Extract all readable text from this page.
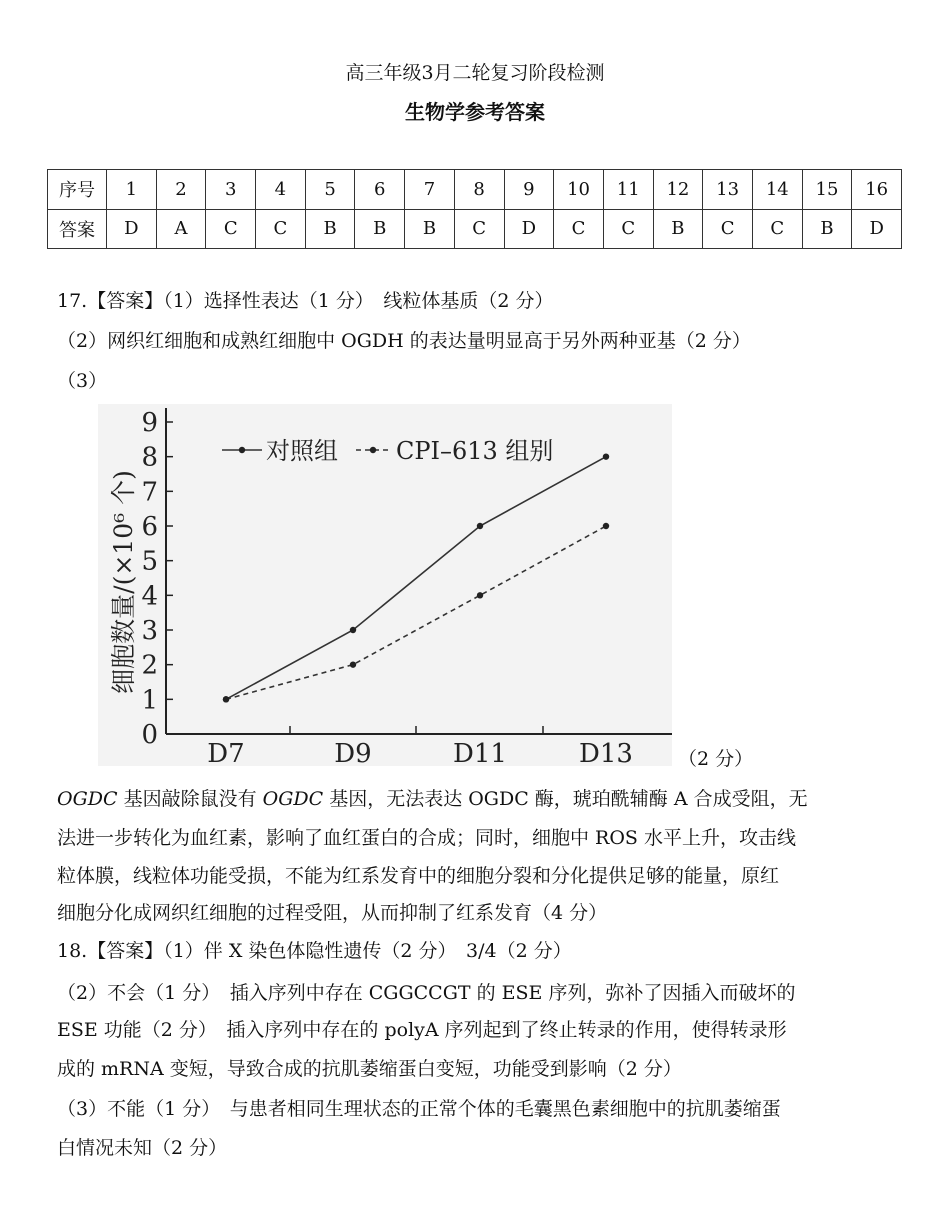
高三年级3月二轮复习阶段检测
生物学参考答案
序号	1	2	3	4	5	6	7	8	9	10	11	12	13	14	15	16
答案	D	A	C	C	B	B	B	C	D	C	C	B	C	C	B	D
17.【答案】（1）选择性表达（1 分）　线粒体基质（2 分）
（2）网织红细胞和成熟红细胞中 OGDH 的表达量明显高于另外两种亚基（2 分）
（3）
0
1
2
3
4
5
6
7
8
9
D7	D9	D11	D13
细胞数量/(×10⁶ 个)
对照组 CPI–613 组别
（2 分）
OGDC 基因敲除鼠没有 OGDC 基因，无法表达 OGDC 酶，琥珀酰辅酶 A 合成受阻，无
法进一步转化为血红素，影响了血红蛋白的合成；同时，细胞中 ROS 水平上升，攻击线
粒体膜，线粒体功能受损，不能为红系发育中的细胞分裂和分化提供足够的能量，原红
细胞分化成网织红细胞的过程受阻，从而抑制了红系发育（4 分）
18.【答案】（1）伴 X 染色体隐性遗传（2 分）　3/4（2 分）
（2）不会（1 分）　插入序列中存在 CGGCCGT 的 ESE 序列，弥补了因插入而破坏的
ESE 功能（2 分）　插入序列中存在的 polyA 序列起到了终止转录的作用，使得转录形
成的 mRNA 变短，导致合成的抗肌萎缩蛋白变短，功能受到影响（2 分）
（3）不能（1 分）　与患者相同生理状态的正常个体的毛囊黑色素细胞中的抗肌萎缩蛋
白情况未知（2 分）
